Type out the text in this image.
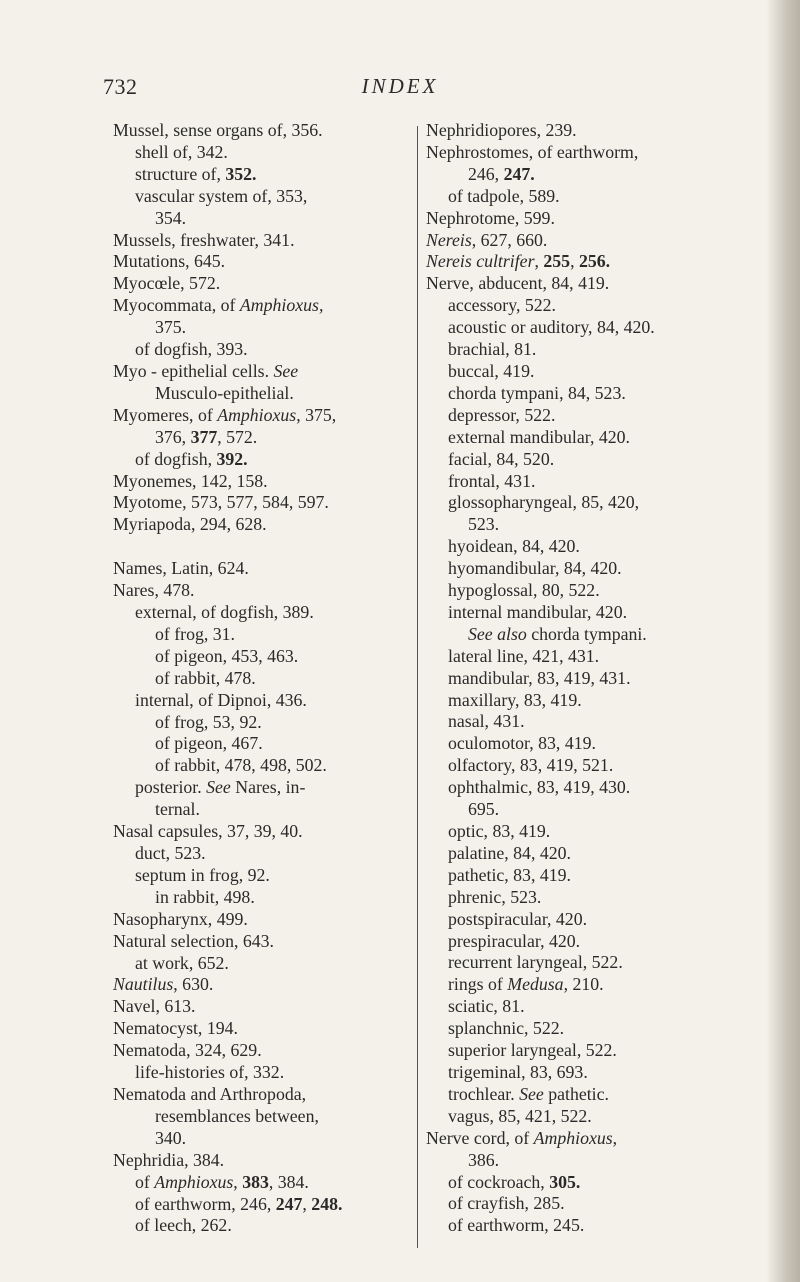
732	INDEX
Mussel, sense organs of, 356.
shell of, 342.
structure of, 352.
vascular system of, 353,
354.
Mussels, freshwater, 341.
Mutations, 645.
Myocœle, 572.
Myocommata, of Amphioxus,
375.
of dogfish, 393.
Myo - epithelial cells. See
Musculo-epithelial.
Myomeres, of Amphioxus, 375,
376, 377, 572.
of dogfish, 392.
Myonemes, 142, 158.
Myotome, 573, 577, 584, 597.
Myriapoda, 294, 628.
Names, Latin, 624.
Nares, 478.
external, of dogfish, 389.
of frog, 31.
of pigeon, 453, 463.
of rabbit, 478.
internal, of Dipnoi, 436.
of frog, 53, 92.
of pigeon, 467.
of rabbit, 478, 498, 502.
posterior. See Nares, in-
ternal.
Nasal capsules, 37, 39, 40.
duct, 523.
septum in frog, 92.
in rabbit, 498.
Nasopharynx, 499.
Natural selection, 643.
at work, 652.
Nautilus, 630.
Navel, 613.
Nematocyst, 194.
Nematoda, 324, 629.
life-histories of, 332.
Nematoda and Arthropoda,
resemblances between,
340.
Nephridia, 384.
of Amphioxus, 383, 384.
of earthworm, 246, 247, 248.
of leech, 262.
Nephridiopores, 239.
Nephrostomes, of earthworm,
246, 247.
of tadpole, 589.
Nephrotome, 599.
Nereis, 627, 660.
Nereis cultrifer, 255, 256.
Nerve, abducent, 84, 419.
accessory, 522.
acoustic or auditory, 84, 420.
brachial, 81.
buccal, 419.
chorda tympani, 84, 523.
depressor, 522.
external mandibular, 420.
facial, 84, 520.
frontal, 431.
glossopharyngeal, 85, 420,
523.
hyoidean, 84, 420.
hyomandibular, 84, 420.
hypoglossal, 80, 522.
internal mandibular, 420.
See also chorda tympani.
lateral line, 421, 431.
mandibular, 83, 419, 431.
maxillary, 83, 419.
nasal, 431.
oculomotor, 83, 419.
olfactory, 83, 419, 521.
ophthalmic, 83, 419, 430.
695.
optic, 83, 419.
palatine, 84, 420.
pathetic, 83, 419.
phrenic, 523.
postspiracular, 420.
prespiracular, 420.
recurrent laryngeal, 522.
rings of Medusa, 210.
sciatic, 81.
splanchnic, 522.
superior laryngeal, 522.
trigeminal, 83, 693.
trochlear. See pathetic.
vagus, 85, 421, 522.
Nerve cord, of Amphioxus,
386.
of cockroach, 305.
of crayfish, 285.
of earthworm, 245.
